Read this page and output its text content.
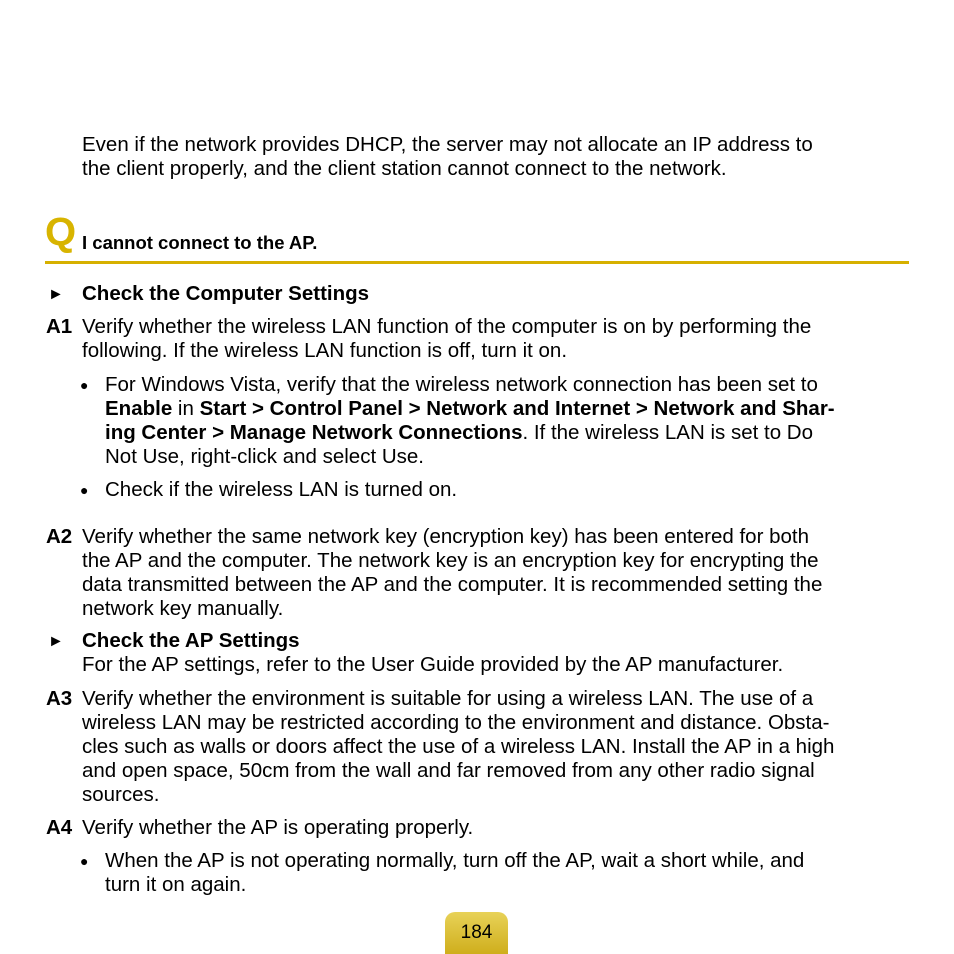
Even if the network provides DHCP, the server may not allocate an IP address to
the client properly, and the client station cannot connect to the network.
Q I cannot connect to the AP.
► Check the Computer Settings
A1 Verify whether the wireless LAN function of the computer is on by performing the
following. If the wireless LAN function is off, turn it on.
● For Windows Vista, verify that the wireless network connection has been set to
Enable in Start > Control Panel > Network and Internet > Network and Shar-
ing Center > Manage Network Connections. If the wireless LAN is set to Do
Not Use, right-click and select Use.
● Check if the wireless LAN is turned on.
A2 Verify whether the same network key (encryption key) has been entered for both
the AP and the computer. The network key is an encryption key for encrypting the
data transmitted between the AP and the computer. It is recommended setting the
network key manually.
► Check the AP Settings
For the AP settings, refer to the User Guide provided by the AP manufacturer.
A3 Verify whether the environment is suitable for using a wireless LAN. The use of a
wireless LAN may be restricted according to the environment and distance. Obsta-
cles such as walls or doors affect the use of a wireless LAN. Install the AP in a high
and open space, 50cm from the wall and far removed from any other radio signal
sources.
A4 Verify whether the AP is operating properly.
● When the AP is not operating normally, turn off the AP, wait a short while, and
turn it on again.
184
